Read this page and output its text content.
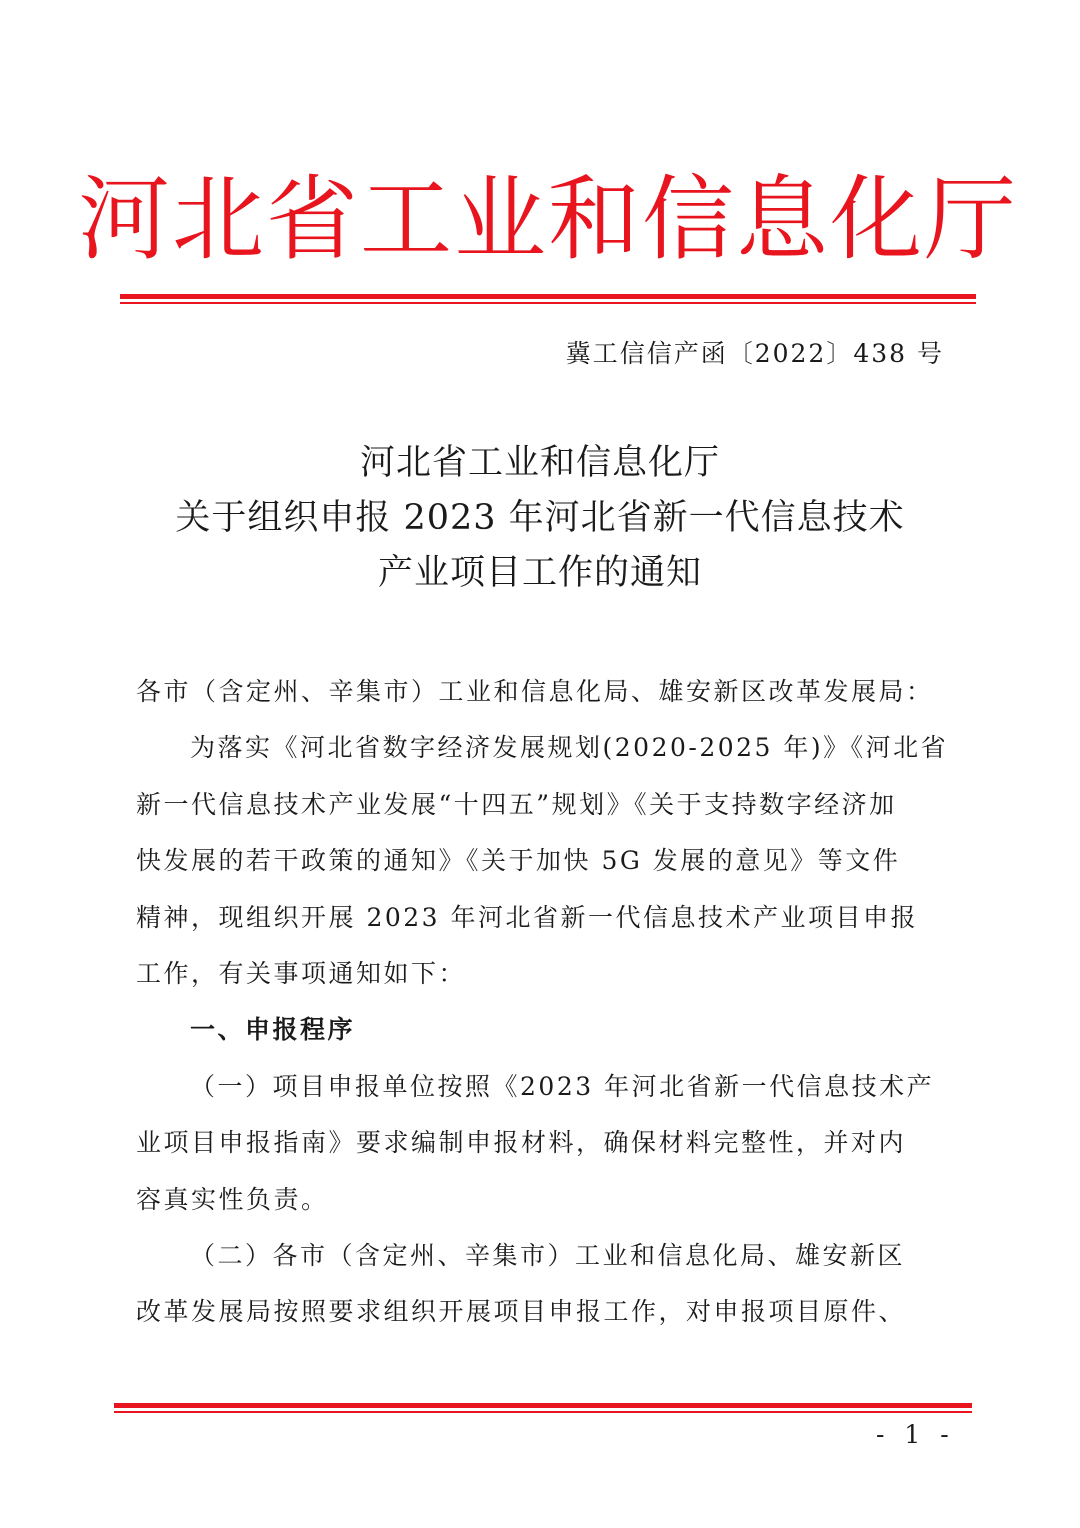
河北省工业和信息化厅
冀工信信产函〔2022〕438 号
河北省工业和信息化厅
关于组织申报 2023 年河北省新一代信息技术
产业项目工作的通知
各市（含定州、辛集市）工业和信息化局、雄安新区改革发展局：
为落实《河北省数字经济发展规划(2020-2025 年)》《河北省
新一代信息技术产业发展“十四五”规划》《关于支持数字经济加
快发展的若干政策的通知》《关于加快 5G 发展的意见》等文件
精神，现组织开展 2023 年河北省新一代信息技术产业项目申报
工作，有关事项通知如下：
一、申报程序
（一）项目申报单位按照《2023 年河北省新一代信息技术产
业项目申报指南》要求编制申报材料，确保材料完整性，并对内
容真实性负责。
（二）各市（含定州、辛集市）工业和信息化局、雄安新区
改革发展局按照要求组织开展项目申报工作，对申报项目原件、
- 1 -
